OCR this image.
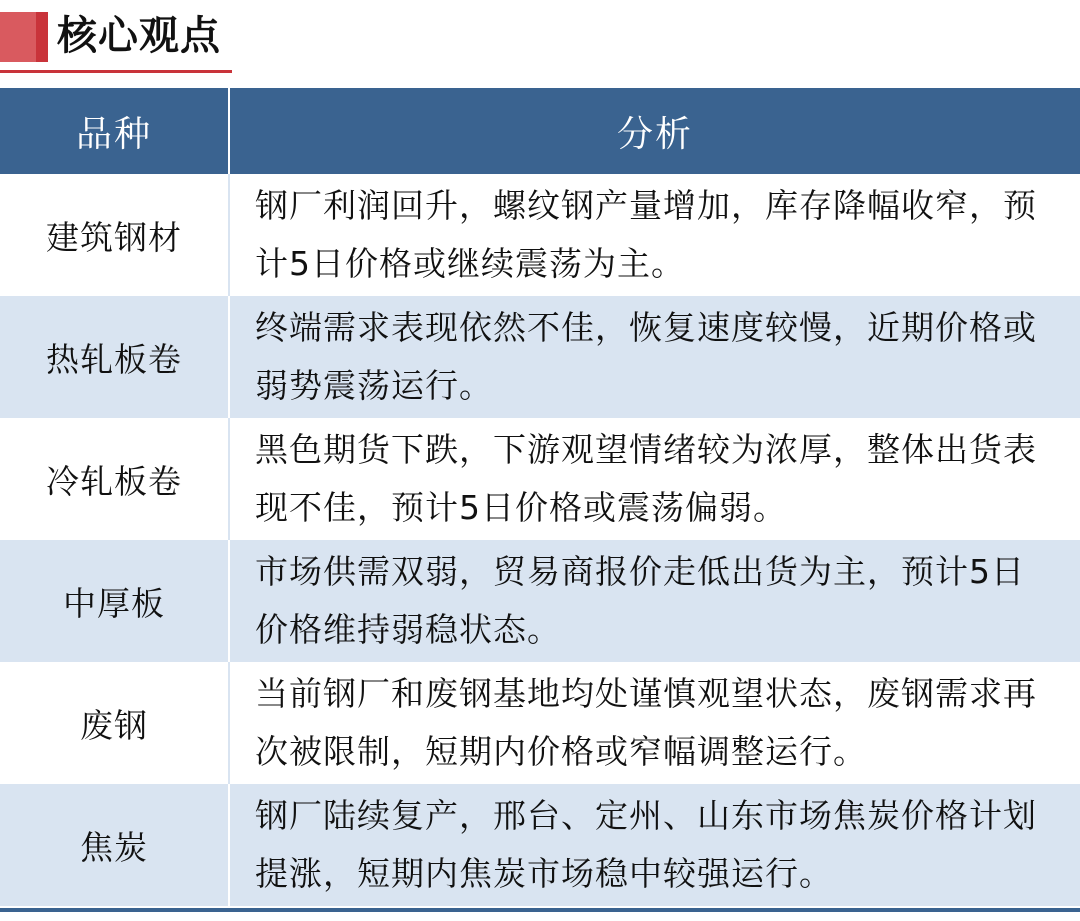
核心观点
品种	分析
建筑钢材	钢厂利润回升，螺纹钢产量增加，库存降幅收窄，预计5日价格或继续震荡为主。
热轧板卷	终端需求表现依然不佳，恢复速度较慢，近期价格或弱势震荡运行。
冷轧板卷	黑色期货下跌，下游观望情绪较为浓厚，整体出货表现不佳，预计5日价格或震荡偏弱。
中厚板	市场供需双弱，贸易商报价走低出货为主，预计5日价格维持弱稳状态。
废钢	当前钢厂和废钢基地均处谨慎观望状态，废钢需求再次被限制，短期内价格或窄幅调整运行。
焦炭	钢厂陆续复产，邢台、定州、山东市场焦炭价格计划提涨，短期内焦炭市场稳中较强运行。
